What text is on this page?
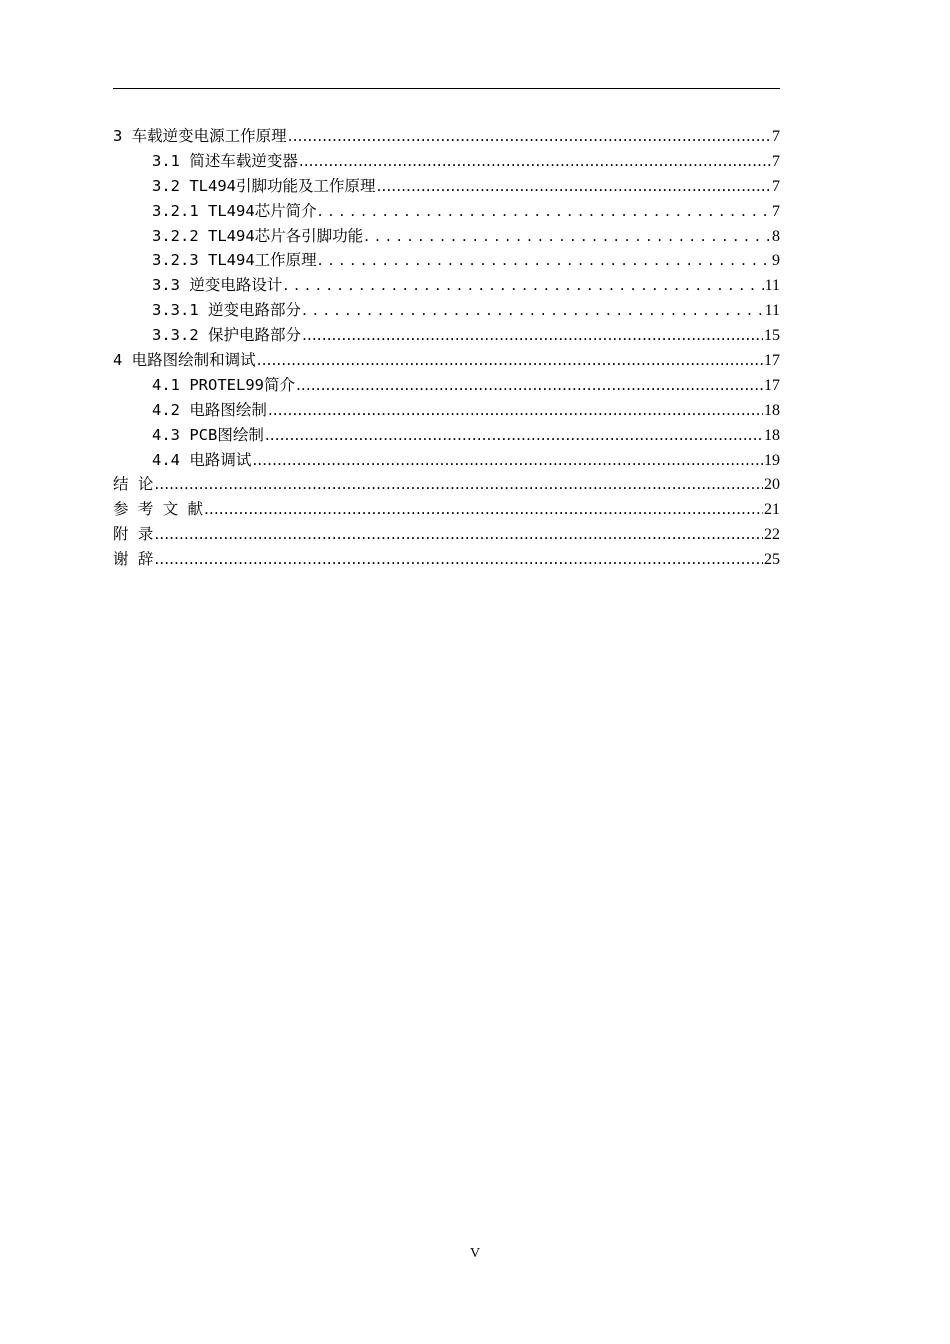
3 车载逆变电源工作原理 .....	7
3.1 简述车载逆变器 .....	7
3.2 TL494引脚功能及工作原理 .....	7
3.2.1 TL494芯片简介 . . .	7
3.2.2 TL494芯片各引脚功能 . . .	8
3.2.3 TL494工作原理 . . .	9
3.3 逆变电路设计 . . .	11
3.3.1 逆变电路部分 . . .	11
3.3.2 保护电路部分 .....	15
4 电路图绘制和调试 .....	17
4.1 PROTEL99简介 .....	17
4.2 电路图绘制 .....	18
4.3 PCB图绘制 .....	18
4.4 电路调试 .....	19
结 论 .....	20
参 考 文 献 .....	21
附 录 .....	22
谢 辞 .....	25
V
